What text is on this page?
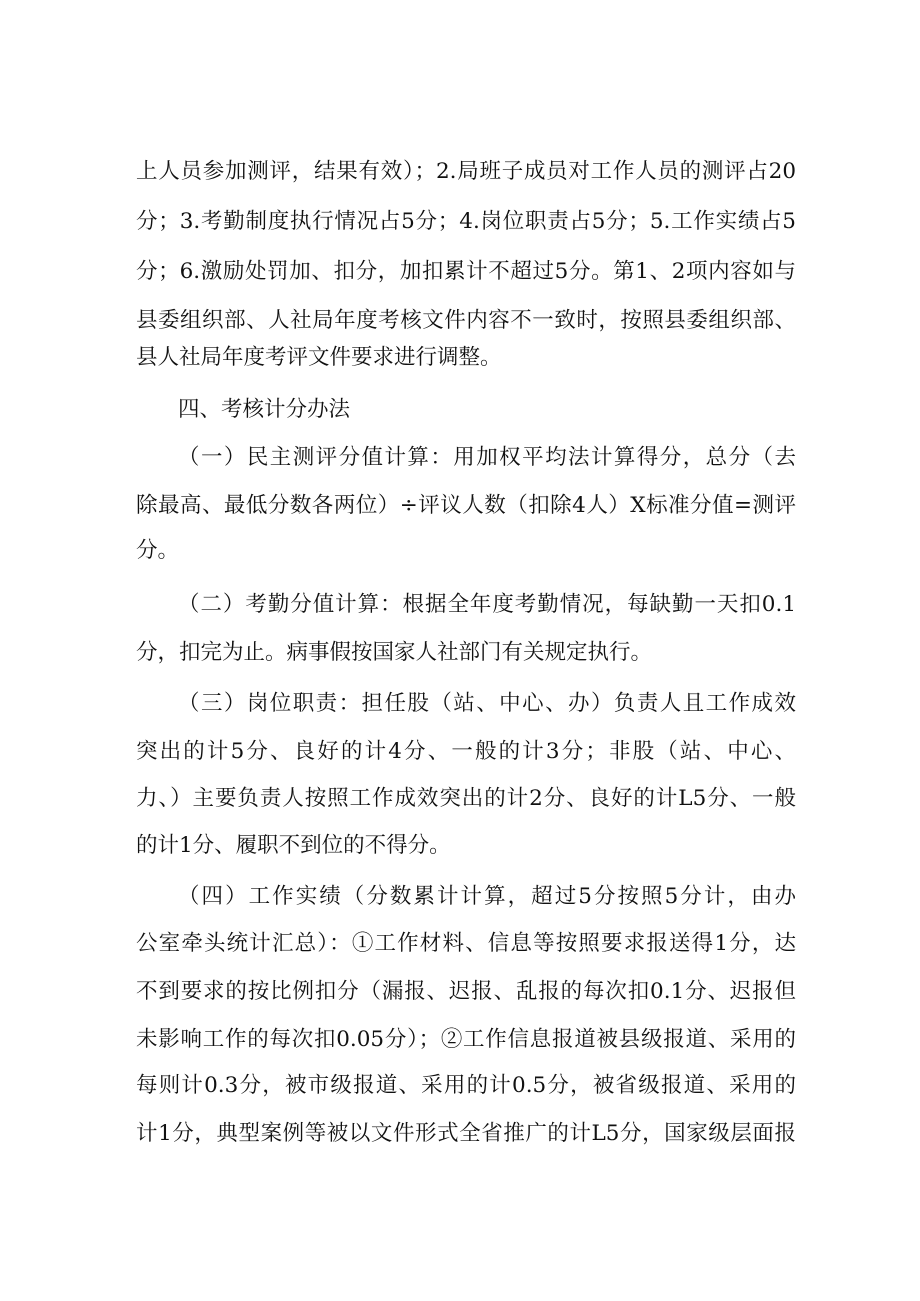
上人员参加测评，结果有效）；2.局班子成员对工作人员的测评占20
分；3.考勤制度执行情况占5分；4.岗位职责占5分；5.工作实绩占5
分；6.激励处罚加、扣分，加扣累计不超过5分。第1、2项内容如与
县委组织部、人社局年度考核文件内容不一致时，按照县委组织部、
县人社局年度考评文件要求进行调整。
四、考核计分办法
（一）民主测评分值计算：用加权平均法计算得分，总分（去
除最高、最低分数各两位）÷评议人数（扣除4人）X标准分值=测评
分。
（二）考勤分值计算：根据全年度考勤情况，每缺勤一天扣0.1
分，扣完为止。病事假按国家人社部门有关规定执行。
（三）岗位职责：担任股（站、中心、办）负责人且工作成效
突出的计5分、良好的计4分、一般的计3分；非股（站、中心、
力、）主要负责人按照工作成效突出的计2分、良好的计L5分、一般
的计1分、履职不到位的不得分。
（四）工作实绩（分数累计计算，超过5分按照5分计，由办
公室牵头统计汇总）：①工作材料、信息等按照要求报送得1分，达
不到要求的按比例扣分（漏报、迟报、乱报的每次扣0.1分、迟报但
未影响工作的每次扣0.05分）；②工作信息报道被县级报道、采用的
每则计0.3分，被市级报道、采用的计0.5分，被省级报道、采用的
计1分，典型案例等被以文件形式全省推广的计L5分，国家级层面报
